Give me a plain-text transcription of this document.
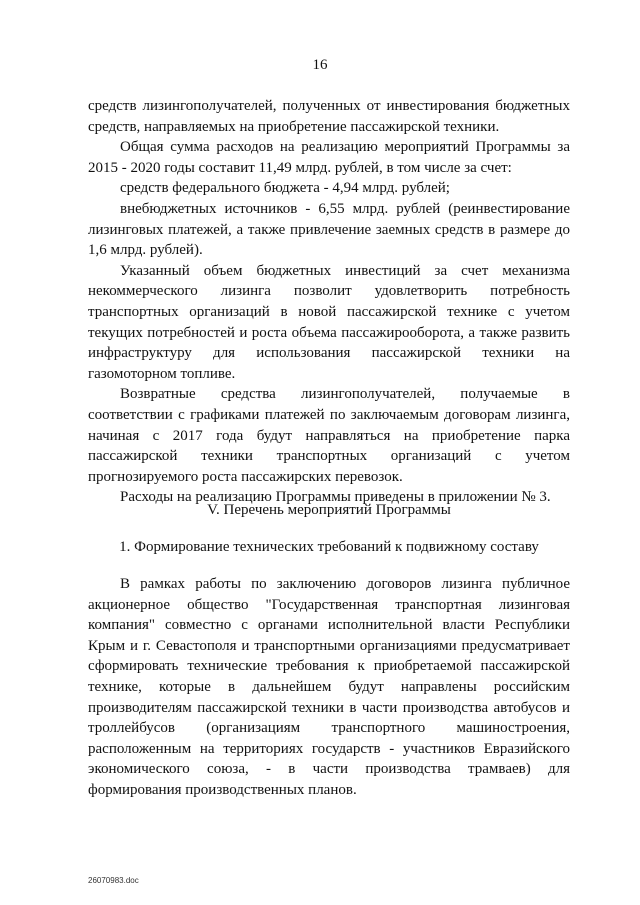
16

средств лизингополучателей, полученных от инвестирования бюджетных средств, направляемых на приобретение пассажирской техники.

Общая сумма расходов на реализацию мероприятий Программы за 2015 - 2020 годы составит 11,49 млрд. рублей, в том числе за счет:

средств федерального бюджета - 4,94 млрд. рублей;

внебюджетных источников - 6,55 млрд. рублей (реинвестирование лизинговых платежей, а также привлечение заемных средств в размере до 1,6 млрд. рублей).

Указанный объем бюджетных инвестиций за счет механизма некоммерческого лизинга позволит удовлетворить потребность транспортных организаций в новой пассажирской технике с учетом текущих потребностей и роста объема пассажирооборота, а также развить инфраструктуру для использования пассажирской техники на газомоторном топливе.

Возвратные средства лизингополучателей, получаемые в соответствии с графиками платежей по заключаемым договорам лизинга, начиная с 2017 года будут направляться на приобретение парка пассажирской техники транспортных организаций с учетом прогнозируемого роста пассажирских перевозок.

Расходы на реализацию Программы приведены в приложении № 3.

V. Перечень мероприятий Программы

1. Формирование технических требований к подвижному составу

В рамках работы по заключению договоров лизинга публичное акционерное общество "Государственная транспортная лизинговая компания" совместно с органами исполнительной власти Республики Крым и г. Севастополя и транспортными организациями предусматривает сформировать технические требования к приобретаемой пассажирской технике, которые в дальнейшем будут направлены российским производителям пассажирской техники в части производства автобусов и троллейбусов (организациям транспортного машиностроения, расположенным на территориях государств - участников Евразийского экономического союза, - в части производства трамваев) для формирования производственных планов.

26070983.doc
